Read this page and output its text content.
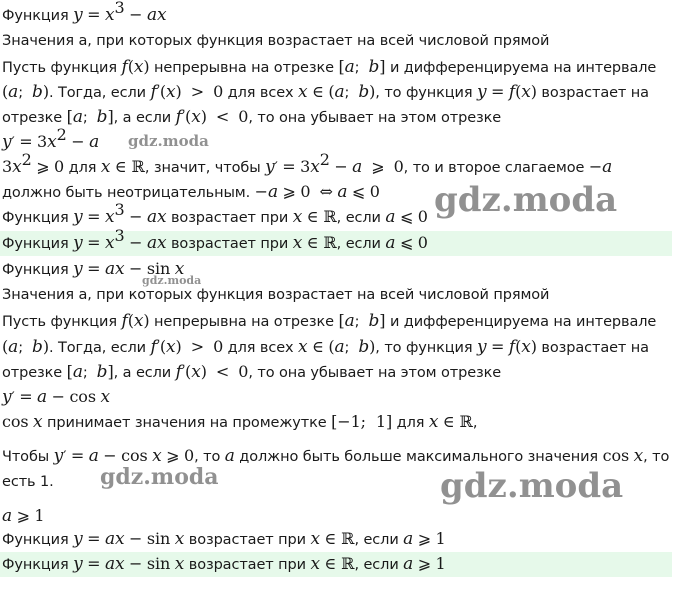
Функция $y = x^3$ − ax
Значения a, при которых функция возрастает на всей числовой прямой
Пусть функция f(x) непрерывна на отрезке [a;  b] и дифференцируема на интервале
(a;  b). Тогда, если f′(x) > 0 для всех x ∈ (a;  b), то функция y = f(x) возрастает на
отрезке [a;  b], а если f′(x) < 0, то она убывает на этом отрезке
$y' = 3x^2 - a$
$3x^2$ ⩾ 0 для x ∈ ℝ, значит, чтобы $y' = 3x^2 - a$ ⩾ 0, то и второе слагаемое −a
должно быть неотрицательным. −a ⩾ 0 ⇔ a ⩽ 0
Функция $y = x^3$ − ax возрастает при x ∈ ℝ, если a ⩽ 0
Функция $y = x^3$ − ax возрастает при x ∈ ℝ, если a ⩽ 0
Функция y = ax − sin x
Значения a, при которых функция возрастает на всей числовой прямой
Пусть функция f(x) непрерывна на отрезке [a;  b] и дифференцируема на интервале
(a;  b). Тогда, если f′(x) > 0 для всех x ∈ (a;  b), то функция y = f(x) возрастает на
отрезке [a;  b], а если f′(x) < 0, то она убывает на этом отрезке
y′ = a − cos x
cos x принимает значения на промежутке [−1;  1] для x ∈ ℝ,
Чтобы y′ = a − cos x ⩾ 0, то a должно быть больше максимального значения cos x, то
есть 1.
a ⩾ 1
Функция y = ax − sin x возрастает при x ∈ ℝ, если a ⩾ 1
Функция y = ax − sin x возрастает при x ∈ ℝ, если a ⩾ 1
gdz.moda
gdz.moda
gdz.moda
gdz.moda	gdz.moda
